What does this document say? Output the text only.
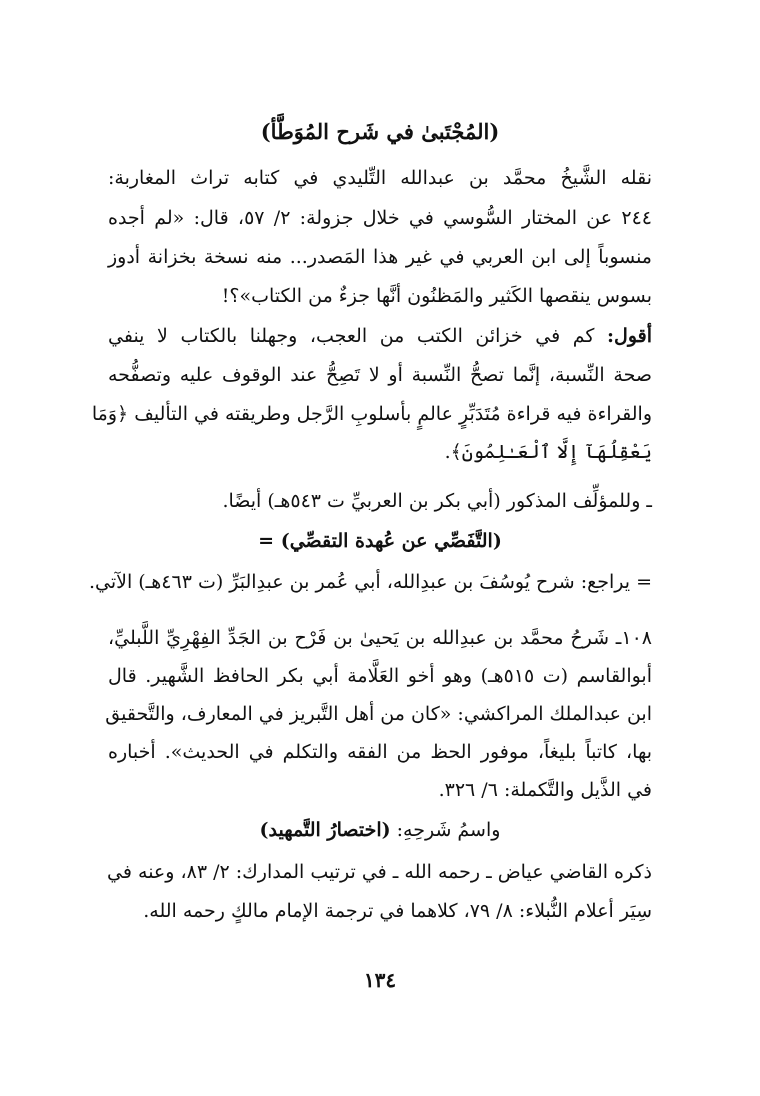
(المُجْتَبىٰ في شَرح المُوَطَّأ)
نقله الشَّيخُ محمَّد بن عبدالله التِّليدي في كتابه تراث المغاربة:
٢٤٤ عن المختار السُّوسي في خلال جزولة: ٢/ ٥٧، قال: «لم أجده
منسوباً إلى ابن العربي في غير هذا المَصدر... منه نسخة بخزانة أدوز
بسوس ينقصها الكَثير والمَظنُون أنَّها جزءٌ من الكتاب»؟!
أقول: كم في خزائن الكتب من العجب، وجهلنا بالكتاب لا ينفي
صحة النِّسبة، إنَّما تصحُّ النِّسبة أو لا تَصِحُّ عند الوقوف عليه وتصفُّحه
والقراءة فيه قراءة مُتَدَبِّرٍ عالمٍ بأسلوبِ الرَّجل وطريقته في التأليف ﴿وَمَا
يَعْقِلُهَآ إِلَّا ٱلْعَـٰلِمُونَ﴾.
ـ وللمؤلِّف المذكور (أبي بكر بن العربيِّ ت ٥٤٣هـ) أيضًا.
(التَّفَصِّي عن عُهدة التقصِّي) =
= يراجع: شرح يُوسُفَ بن عبدِالله، أبي عُمر بن عبدِالبَرِّ (ت ٤٦٣هـ) الآتي.
١٠٨ـ شَرحُ محمَّد بن عبدِالله بن يَحيىٰ بن فَرْح بن الجَدِّ الفِهْرِيِّ اللَّبليِّ،
أبوالقاسم (ت ٥١٥هـ) وهو أخو العَلَّامة أبي بكر الحافظ الشَّهير. قال
ابن عبدالملك المراكشي: «كان من أهل التَّبريز في المعارف، والتَّحقيق
بها، كاتباً بليغاً، موفور الحظ من الفقه والتكلم في الحديث». أخباره
في الذَّيل والتَّكملة: ٦/ ٣٢٦.
واسمُ شَرحِهِ: (اختصارُ التَّمهيد)
ذكره القاضي عياض ـ رحمه الله ـ في ترتيب المدارك: ٢/ ٨٣، وعنه في
سِيَر أعلام النُّبلاء: ٨/ ٧٩، كلاهما في ترجمة الإمام مالكٍ رحمه الله.
١٣٤
